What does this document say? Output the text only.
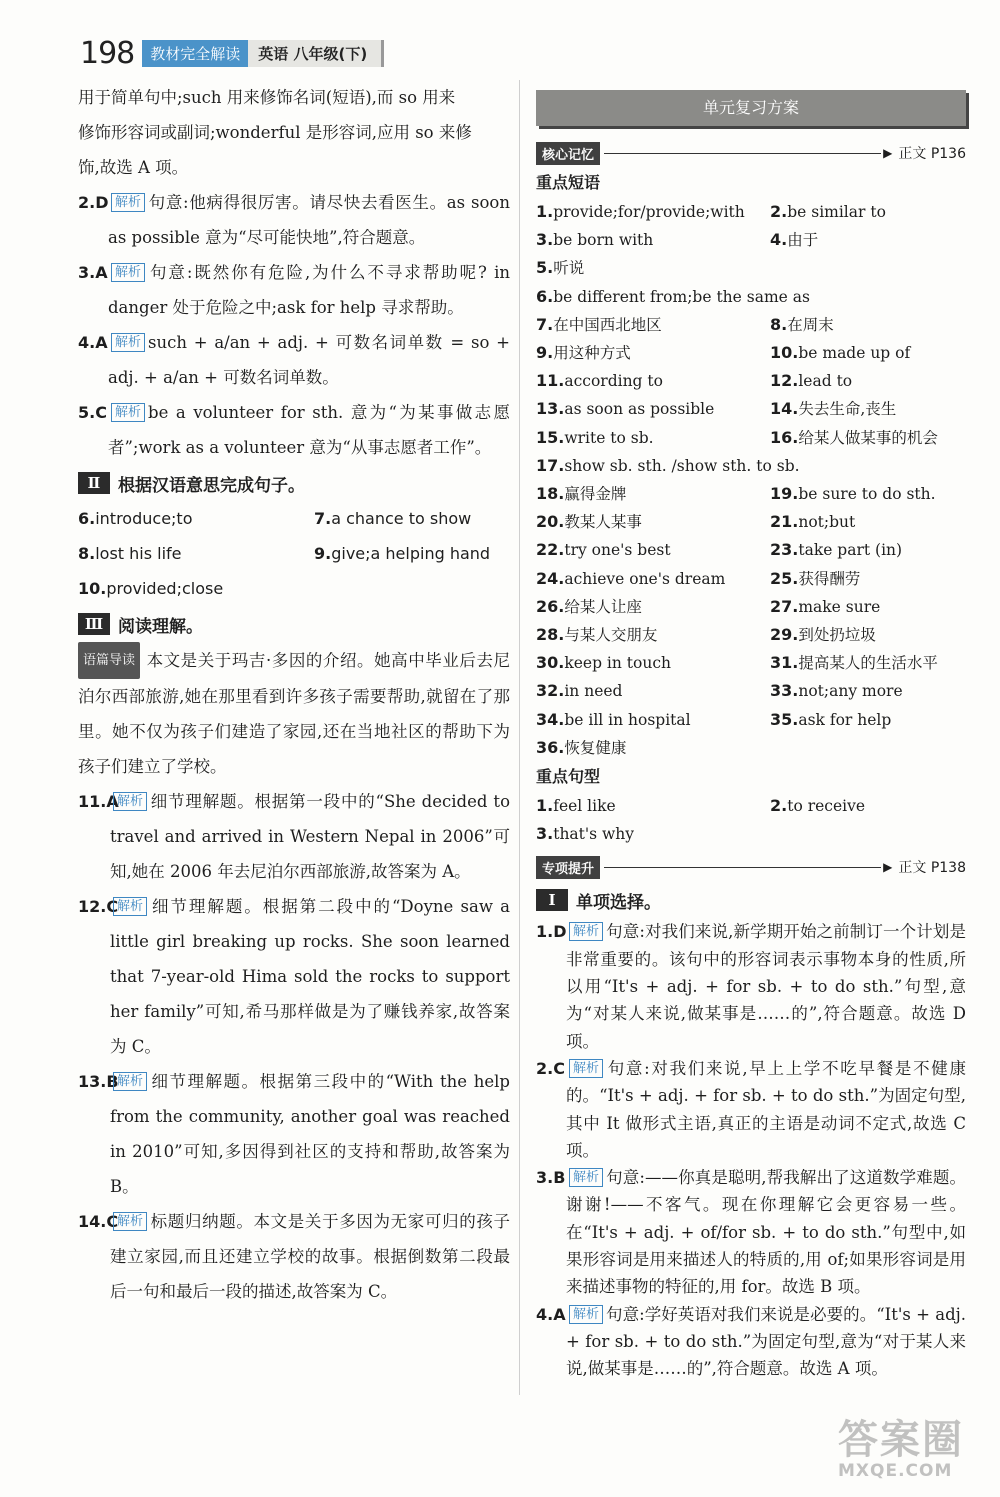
198	教材完全解读	英语 八年级(下)

用于简单句中;such 用来修饰名词(短语),而 so 用来

修饰形容词或副词;wonderful 是形容词,应用 so 来修

饰,故选 A 项。

2.D 解析 句意:他病得很厉害。请尽快去看医生。as soon as possible 意为“尽可能快地”,符合题意。
3.A 解析 句意:既然你有危险,为什么不寻求帮助呢? in danger 处于危险之中;ask for help 寻求帮助。
4.A 解析 such + a/an + adj. + 可数名词单数 = so + adj. + a/an + 可数名词单数。
5.C 解析 be a volunteer for sth. 意为“为某事做志愿者”;work as a volunteer 意为“从事志愿者工作”。
Ⅱ	根据汉语意思完成句子。
6.introduce;to	7.a chance to show
8.lost his life	9.give;a helping hand
10.provided;close
Ⅲ 阅读理解。

语篇导读 本文是关于玛吉·多因的介绍。她高中毕业后去尼泊尔西部旅游,她在那里看到许多孩子需要帮助,就留在了那里。她不仅为孩子们建造了家园,还在当地社区的帮助下为孩子们建立了学校。

11.A
解析 细节理解题。根据第一段中的“She decided to travel and arrived in Western Nepal in 2006”可知,她在 2006 年去尼泊尔西部旅游,故答案为 A。
12.C
解析 细节理解题。根据第二段中的“Doyne saw a little girl breaking up rocks. She soon learned that 7-year-old Hima sold the rocks to support her family”可知,希马那样做是为了赚钱养家,故答案为 C。
13.B
解析 细节理解题。根据第三段中的“With the help from the community, another goal was reached in 2010”可知,多因得到社区的支持和帮助,故答案为 B。
14.C
解析 标题归纳题。本文是关于多因为无家可归的孩子建立家园,而且还建立学校的故事。根据倒数第二段最后一句和最后一段的描述,故答案为 C。
单元复习方案
核心记忆	▶ 正文 P136
重点短语
1.provide;for/provide;with	2.be similar to
3.be born with	4.由于
5.听说
6.be different from;be the same as
7.在中国西北地区	8.在周末
9.用这种方式	10.be made up of
11.according to	12.lead to
13.as soon as possible	14.失去生命,丧生
15.write to sb.	16.给某人做某事的机会
17.show sb. sth. /show sth. to sb.
18.赢得金牌	19.be sure to do sth.
20.教某人某事	21.not;but
22.try one's best	23.take part (in)
24.achieve one's dream	25.获得酬劳
26.给某人让座	27.make sure
28.与某人交朋友	29.到处扔垃圾
30.keep in touch	31.提高某人的生活水平
32.in need	33.not;any more
34.be ill in hospital	35.ask for help
36.恢复健康
重点句型
1.feel like	2.to receive
3.that's why
专项提升	▶ 正文 P138
Ⅰ	单项选择。
1.D 解析 句意:对我们来说,新学期开始之前制订一个计划是非常重要的。该句中的形容词表示事物本身的性质,所以用“It's + adj. + for sb. + to do sth.”句型,意为“对某人来说,做某事是……的”,符合题意。故选 D 项。
2.C 解析 句意:对我们来说,早上上学不吃早餐是不健康的。“It's + adj. + for sb. + to do sth.”为固定句型,其中 It 做形式主语,真正的主语是动词不定式,故选 C 项。
3.B 解析 句意:——你真是聪明,帮我解出了这道数学难题。谢谢!——不客气。现在你理解它会更容易一些。在“It's + adj. + of/for sb. + to do sth.”句型中,如果形容词是用来描述人的特质的,用 of;如果形容词是用来描述事物的特征的,用 for。故选 B 项。
4.A 解析 句意:学好英语对我们来说是必要的。“It's + adj. + for sb. + to do sth.”为固定句型,意为“对于某人来说,做某事是……的”,符合题意。故选 A 项。
答案圈
MXQE.COM
